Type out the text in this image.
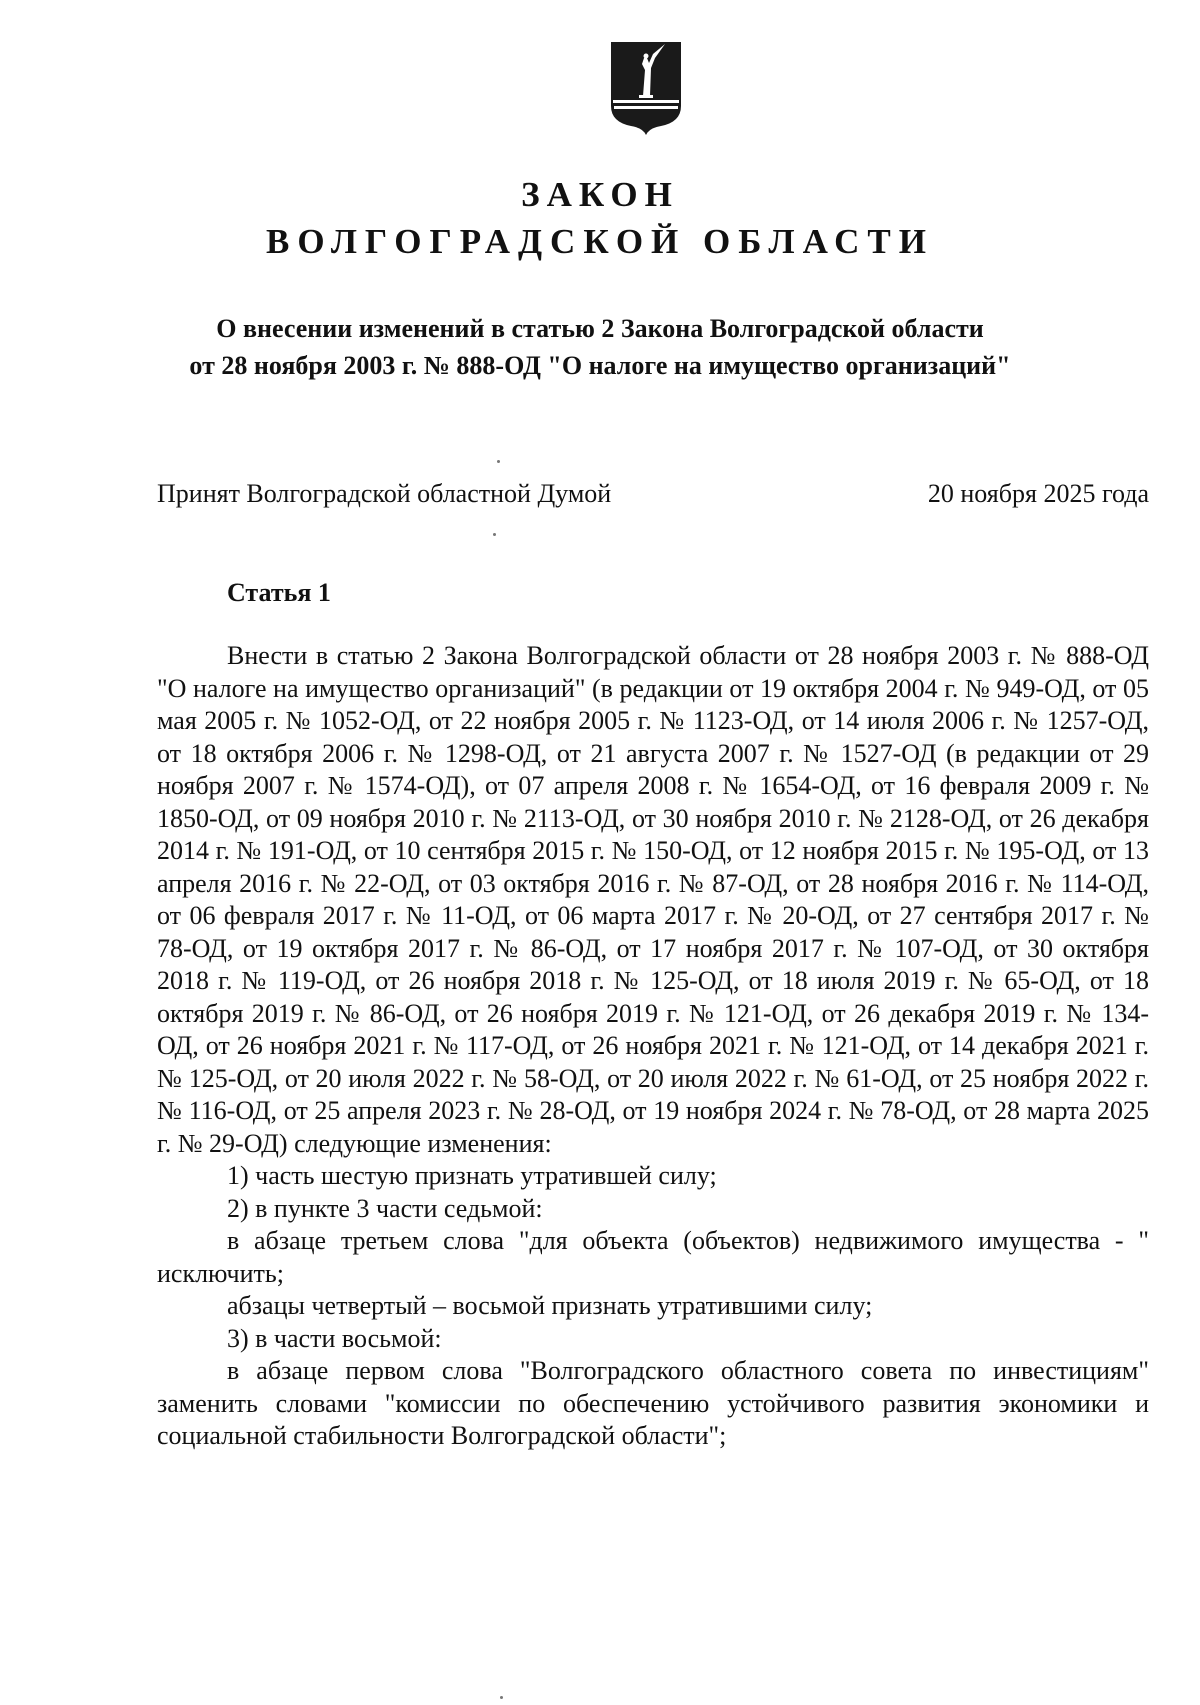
ЗАКОН
ВОЛГОГРАДСКОЙ ОБЛАСТИ
О внесении изменений в статью 2 Закона Волгоградской области
от 28 ноября 2003 г. № 888-ОД "О налоге на имущество организаций"
Принят Волгоградской областной Думой	20 ноября 2025 года
Статья 1

Внести в статью 2 Закона Волгоградской области от 28 ноября 2003 г. № 888-ОД "О налоге на имущество организаций" (в редакции от 19 октября 2004 г. № 949-ОД, от 05 мая 2005 г. № 1052-ОД, от 22 ноября 2005 г. № 1123-ОД, от 14 июля 2006 г. № 1257-ОД, от 18 октября 2006 г. № 1298-ОД, от 21 августа 2007 г. № 1527-ОД (в редакции от 29 ноября 2007 г. № 1574-ОД), от 07 апреля 2008 г. № 1654-ОД, от 16 февраля 2009 г. № 1850-ОД, от 09 ноября 2010 г. № 2113-ОД, от 30 ноября 2010 г. № 2128-ОД, от 26 декабря 2014 г. № 191-ОД, от 10 сентября 2015 г. № 150-ОД, от 12 ноября 2015 г. № 195-ОД, от 13 апреля 2016 г. № 22-ОД, от 03 октября 2016 г. № 87-ОД, от 28 ноября 2016 г. № 114-ОД, от 06 февраля 2017 г. № 11-ОД, от 06 марта 2017 г. № 20-ОД, от 27 сентября 2017 г. № 78-ОД, от 19 октября 2017 г. № 86-ОД, от 17 ноября 2017 г. № 107-ОД, от 30 октября 2018 г. № 119-ОД, от 26 ноября 2018 г. № 125-ОД, от 18 июля 2019 г. № 65-ОД, от 18 октября 2019 г. № 86-ОД, от 26 ноября 2019 г. № 121-ОД, от 26 декабря 2019 г. № 134-ОД, от 26 ноября 2021 г. № 117-ОД, от 26 ноября 2021 г. № 121-ОД, от 14 декабря 2021 г. № 125-ОД, от 20 июля 2022 г. № 58-ОД, от 20 июля 2022 г. № 61-ОД, от 25 ноября 2022 г. № 116-ОД, от 25 апреля 2023 г. № 28-ОД, от 19 ноября 2024 г. № 78-ОД, от 28 марта 2025 г. № 29-ОД) следующие изменения:

1) часть шестую признать утратившей силу;

2) в пункте 3 части седьмой:

в абзаце третьем слова "для объекта (объектов) недвижимого имущества - " исключить;

абзацы четвертый – восьмой признать утратившими силу;

3) в части восьмой:

в абзаце первом слова "Волгоградского областного совета по инвестициям" заменить словами "комиссии по обеспечению устойчивого развития экономики и социальной стабильности Волгоградской области";
